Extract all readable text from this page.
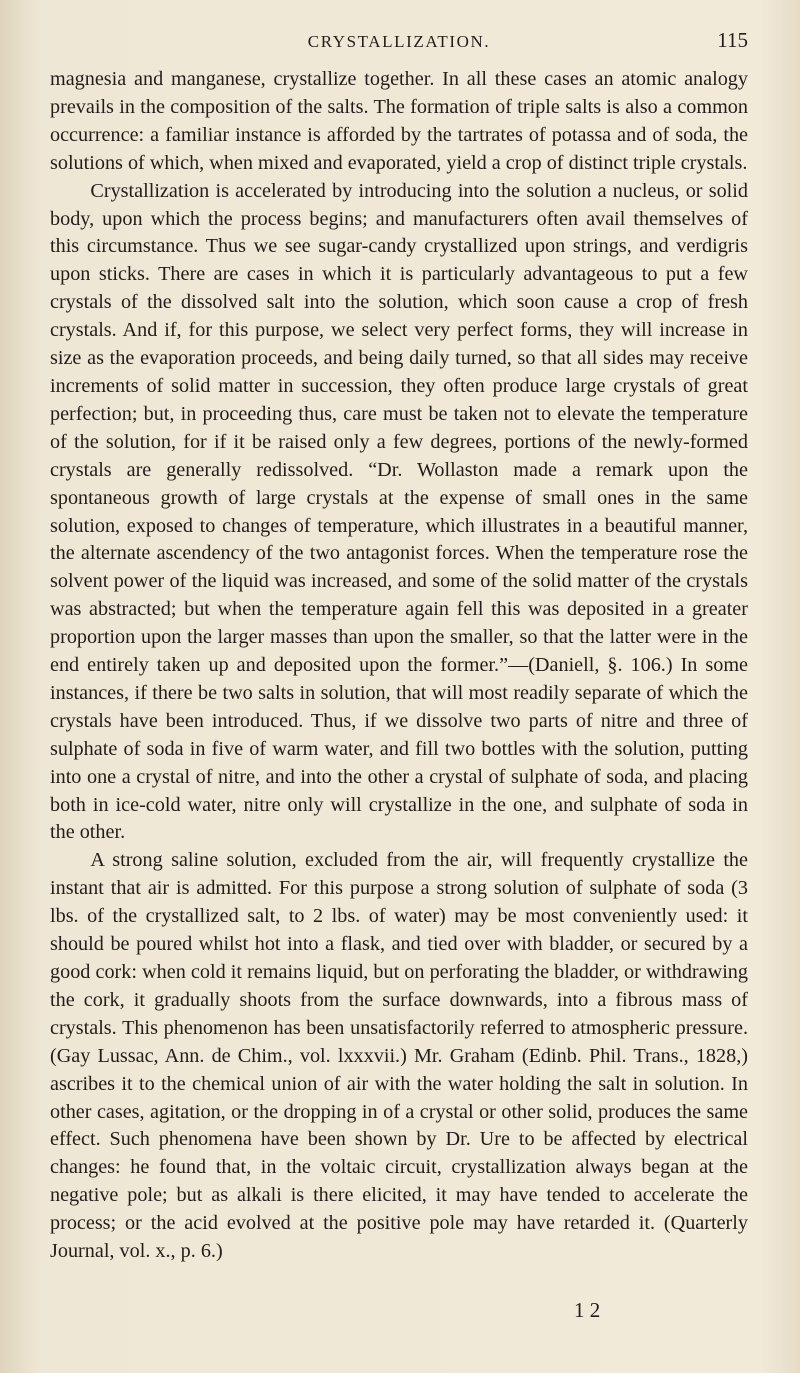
CRYSTALLIZATION.	115

magnesia and manganese, crystallize together. In all these cases an atomic analogy prevails in the composition of the salts. The formation of triple salts is also a common occurrence: a familiar instance is afforded by the tartrates of potassa and of soda, the solutions of which, when mixed and evaporated, yield a crop of distinct triple crystals.

Crystallization is accelerated by introducing into the solution a nucleus, or solid body, upon which the process begins; and manufacturers often avail themselves of this circumstance. Thus we see sugar-candy crystallized upon strings, and verdigris upon sticks. There are cases in which it is particularly advantageous to put a few crystals of the dissolved salt into the solution, which soon cause a crop of fresh crystals. And if, for this purpose, we select very perfect forms, they will increase in size as the evaporation proceeds, and being daily turned, so that all sides may receive increments of solid matter in succession, they often produce large crystals of great perfection; but, in proceeding thus, care must be taken not to elevate the temperature of the solution, for if it be raised only a few degrees, portions of the newly-formed crystals are generally redissolved. “Dr. Wollaston made a remark upon the spontaneous growth of large crystals at the expense of small ones in the same solution, exposed to changes of temperature, which illustrates in a beautiful manner, the alternate ascendency of the two antagonist forces. When the temperature rose the solvent power of the liquid was increased, and some of the solid matter of the crystals was abstracted; but when the temperature again fell this was deposited in a greater proportion upon the larger masses than upon the smaller, so that the latter were in the end entirely taken up and deposited upon the former.”—(Daniell, §. 106.) In some instances, if there be two salts in solution, that will most readily separate of which the crystals have been introduced. Thus, if we dissolve two parts of nitre and three of sulphate of soda in five of warm water, and fill two bottles with the solution, putting into one a crystal of nitre, and into the other a crystal of sulphate of soda, and placing both in ice-cold water, nitre only will crystallize in the one, and sulphate of soda in the other.

A strong saline solution, excluded from the air, will frequently crystallize the instant that air is admitted. For this purpose a strong solution of sulphate of soda (3 lbs. of the crystallized salt, to 2 lbs. of water) may be most conveniently used: it should be poured whilst hot into a flask, and tied over with bladder, or secured by a good cork: when cold it remains liquid, but on perforating the bladder, or withdrawing the cork, it gradually shoots from the surface downwards, into a fibrous mass of crystals. This phenomenon has been unsatisfactorily referred to atmospheric pressure. (Gay Lussac, Ann. de Chim., vol. lxxxvii.) Mr. Graham (Edinb. Phil. Trans., 1828,) ascribes it to the chemical union of air with the water holding the salt in solution. In other cases, agitation, or the dropping in of a crystal or other solid, produces the same effect. Such phenomena have been shown by Dr. Ure to be affected by electrical changes: he found that, in the voltaic circuit, crystallization always began at the negative pole; but as alkali is there elicited, it may have tended to accelerate the process; or the acid evolved at the positive pole may have retarded it. (Quarterly Journal, vol. x., p. 6.)

1 2
